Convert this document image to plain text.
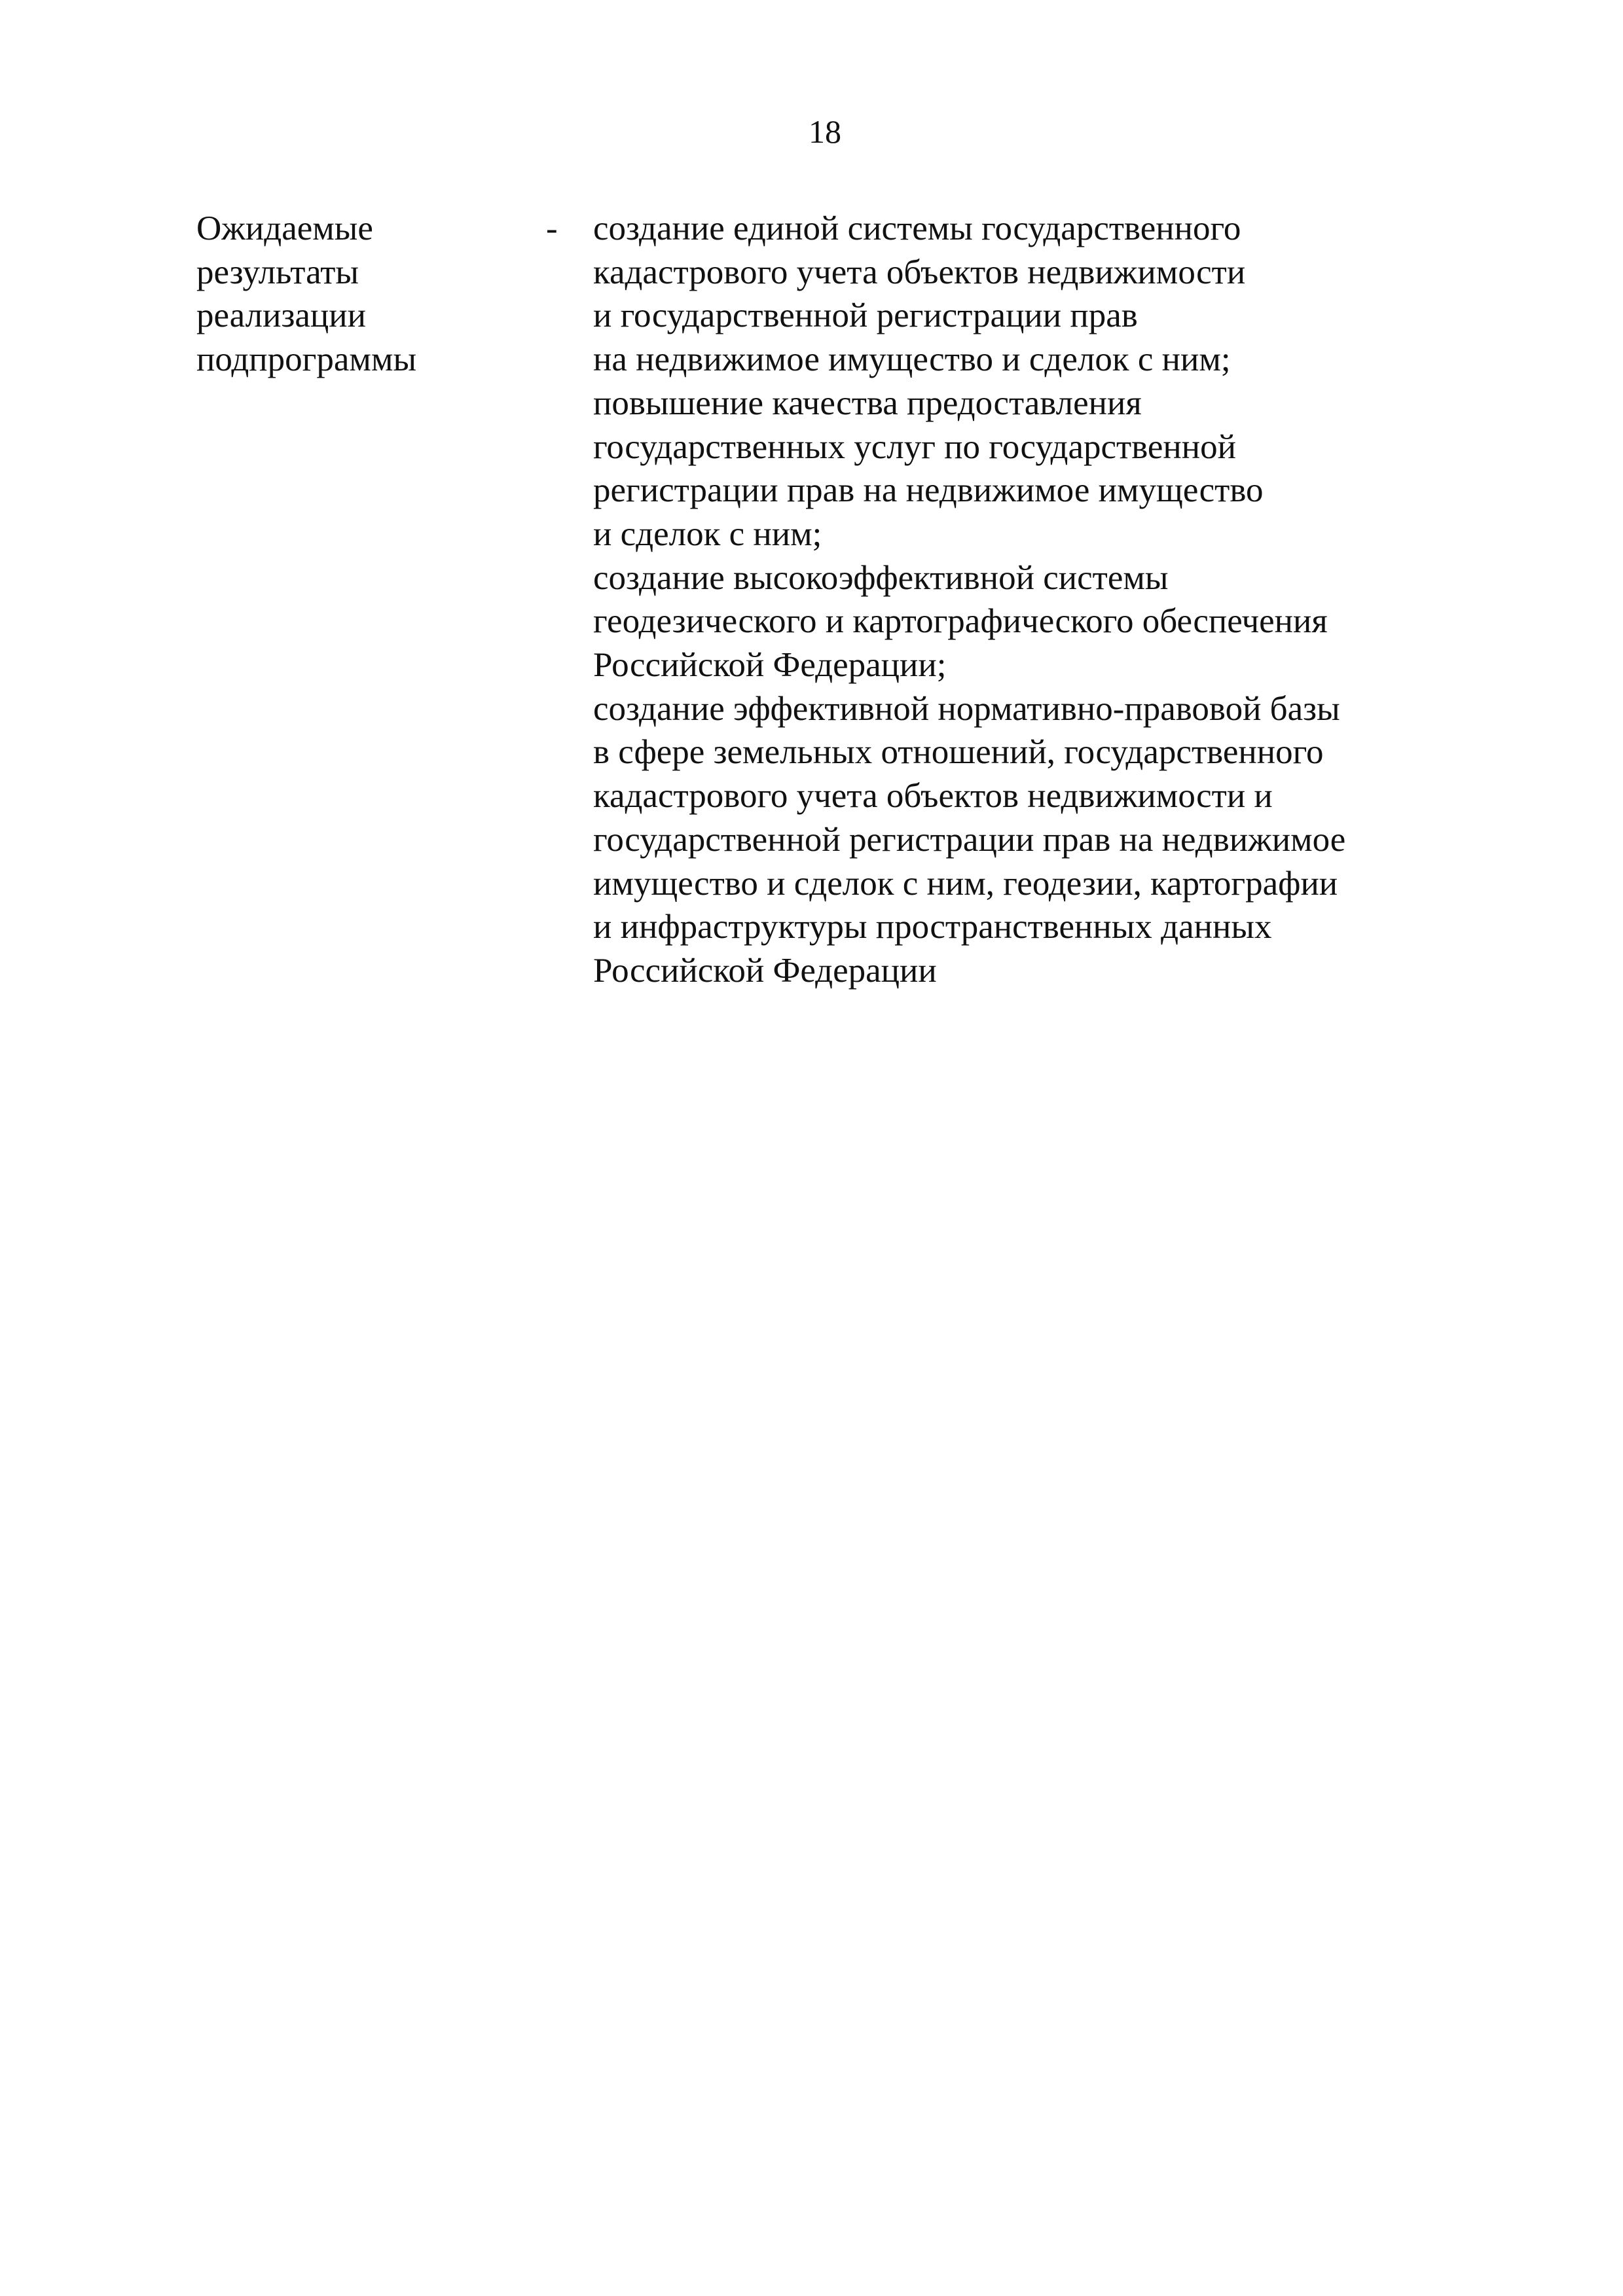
18
Ожидаемые
результаты
реализации
подпрограммы
- создание единой системы государственного
кадастрового учета объектов недвижимости
и государственной регистрации прав
на недвижимое имущество и сделок с ним;
повышение качества предоставления
государственных услуг по государственной
регистрации прав на недвижимое имущество
и сделок с ним;
создание высокоэффективной системы
геодезического и картографического обеспечения
Российской Федерации;
создание эффективной нормативно-правовой базы
в сфере земельных отношений, государственного
кадастрового учета объектов недвижимости и
государственной регистрации прав на недвижимое
имущество и сделок с ним, геодезии, картографии
и инфраструктуры пространственных данных
Российской Федерации
